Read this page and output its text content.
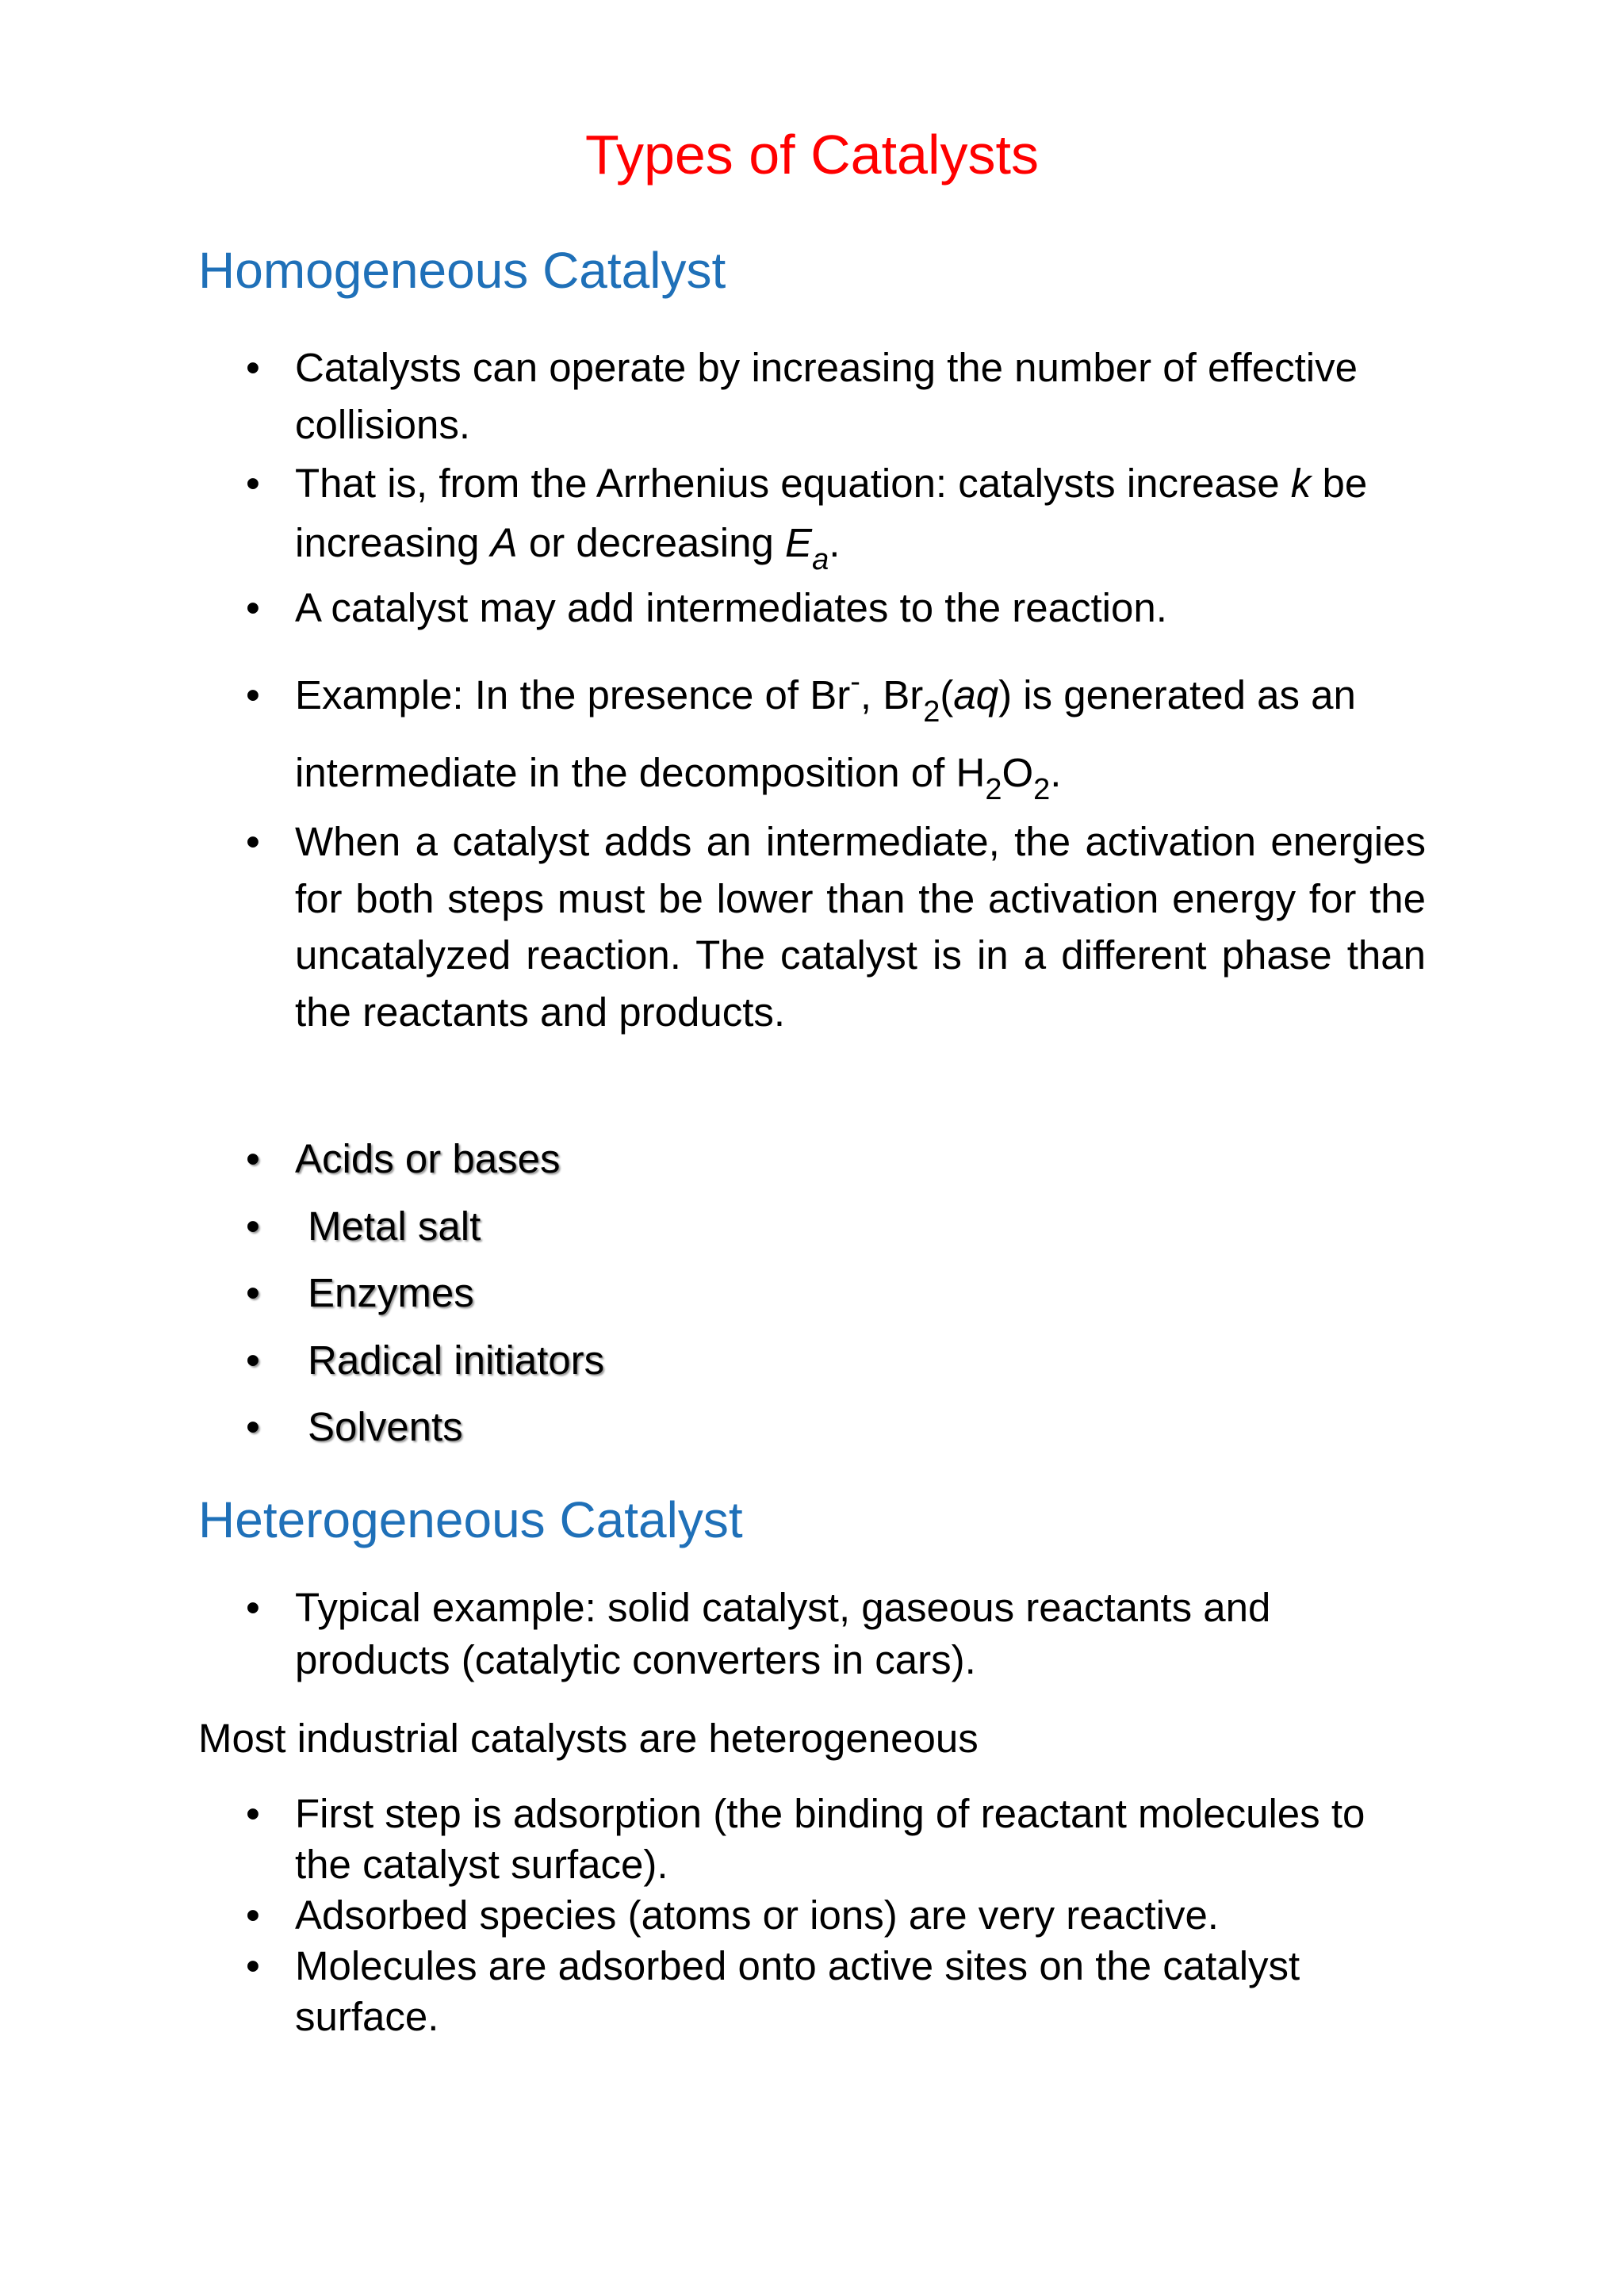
Types of Catalysts
Homogeneous Catalyst
• Catalysts can operate by increasing the number of effective collisions.
• That is, from the Arrhenius equation: catalysts increase k be increasing A or decreasing $E_a$.
• A catalyst may add intermediates to the reaction.
• Example: In the presence of Br-, $Br_2(aq)$ is generated as an intermediate in the decomposition of $H_2O_2$.
• When a catalyst adds an intermediate, the activation energies for both steps must be lower than the activation energy for the uncatalyzed reaction. The catalyst is in a different phase than the reactants and products.
• Acids or bases
• Metal salt
• Enzymes
• Radical initiators
• Solvents
Heterogeneous Catalyst
• Typical example: solid catalyst, gaseous reactants and products (catalytic converters in cars).

Most industrial catalysts are heterogeneous

• First step is adsorption (the binding of reactant molecules to the catalyst surface).
• Adsorbed species (atoms or ions) are very reactive.
• Molecules are adsorbed onto active sites on the catalyst surface.
